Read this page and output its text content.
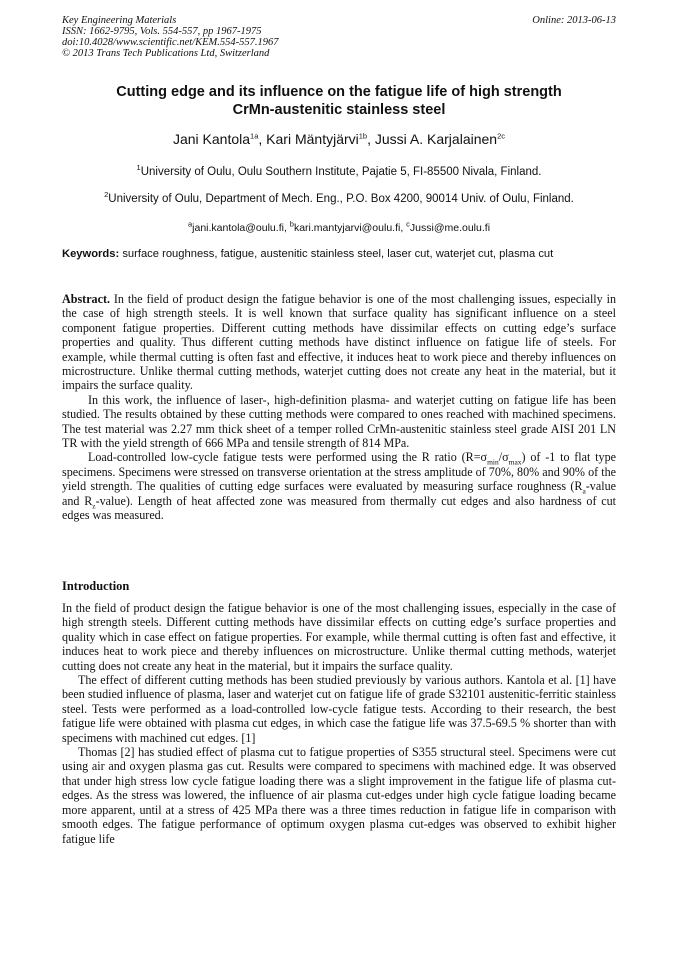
Key Engineering Materials
ISSN: 1662-9795, Vols. 554-557, pp 1967-1975
doi:10.4028/www.scientific.net/KEM.554-557.1967
© 2013 Trans Tech Publications Ltd, Switzerland
Online: 2013-06-13
Cutting edge and its influence on the fatigue life of high strength
CrMn-austenitic stainless steel
Jani Kantola$^{1a}$, Kari Mäntyjärvi$^{1b}$, Jussi A. Karjalainen$^{2c}$
$^1$University of Oulu, Oulu Southern Institute, Pajatie 5, FI-85500 Nivala, Finland.
$^2$University of Oulu, Department of Mech. Eng., P.O. Box 4200, 90014 Univ. of Oulu, Finland.
$^a$jani.kantola@oulu.fi, $^b$kari.mantyjarvi@oulu.fi, $^c$Jussi@me.oulu.fi
Keywords: surface roughness, fatigue, austenitic stainless steel, laser cut, waterjet cut, plasma cut

Abstract. In the field of product design the fatigue behavior is one of the most challenging issues, especially in the case of high strength steels. It is well known that surface quality has significant influence on a steel component fatigue properties. Different cutting methods have dissimilar effects on cutting edge’s surface properties and quality. Thus different cutting methods have distinct influence on fatigue life of steels. For example, while thermal cutting is often fast and effective, it induces heat to work piece and thereby influences on microstructure. Unlike thermal cutting methods, waterjet cutting does not create any heat in the material, but it impairs the surface quality.

In this work, the influence of laser-, high-definition plasma- and waterjet cutting on fatigue life has been studied. The results obtained by these cutting methods were compared to ones reached with machined specimens. The test material was 2.27 mm thick sheet of a temper rolled CrMn-austenitic stainless steel grade AISI 201 LN TR with the yield strength of 666 MPa and tensile strength of 814 MPa.

Load-controlled low-cycle fatigue tests were performed using the R ratio $(R=\sigma_{min}/\sigma_{max})$ of -1 to flat type specimens. Specimens were stressed on transverse orientation at the stress amplitude of 70%, 80% and 90% of the yield strength. The qualities of cutting edge surfaces were evaluated by measuring surface roughness ($R_a$-value and $R_z-value$). Length of heat affected zone was measured from thermally cut edges and also hardness of cut edges was measured.

Introduction

In the field of product design the fatigue behavior is one of the most challenging issues, especially in the case of high strength steels. Different cutting methods have dissimilar effects on cutting edge’s surface properties and quality which in case effect on fatigue properties. For example, while thermal cutting is often fast and effective, it induces heat to work piece and thereby influences on microstructure. Unlike thermal cutting methods, waterjet cutting does not create any heat in the material, but it impairs the surface quality.

The effect of different cutting methods has been studied previously by various authors. Kantola et al. [1] have been studied influence of plasma, laser and waterjet cut on fatigue life of grade S32101 austenitic-ferritic stainless steel. Tests were performed as a load-controlled low-cycle fatigue tests. According to their research, the best fatigue life were obtained with plasma cut edges, in which case the fatigue life was 37.5-69.5 % shorter than with specimens with machined cut edges. [1]

Thomas [2] has studied effect of plasma cut to fatigue properties of S355 structural steel. Specimens were cut using air and oxygen plasma gas cut. Results were compared to specimens with machined edge. It was observed that under high stress low cycle fatigue loading there was a slight improvement in the fatigue life of plasma cut-edges. As the stress was lowered, the influence of air plasma cut-edges under high cycle fatigue loading became more apparent, until at a stress of 425 MPa there was a three times reduction in fatigue life in comparison with smooth edges. The fatigue performance of optimum oxygen plasma cut-edges was observed to exhibit higher fatigue life
